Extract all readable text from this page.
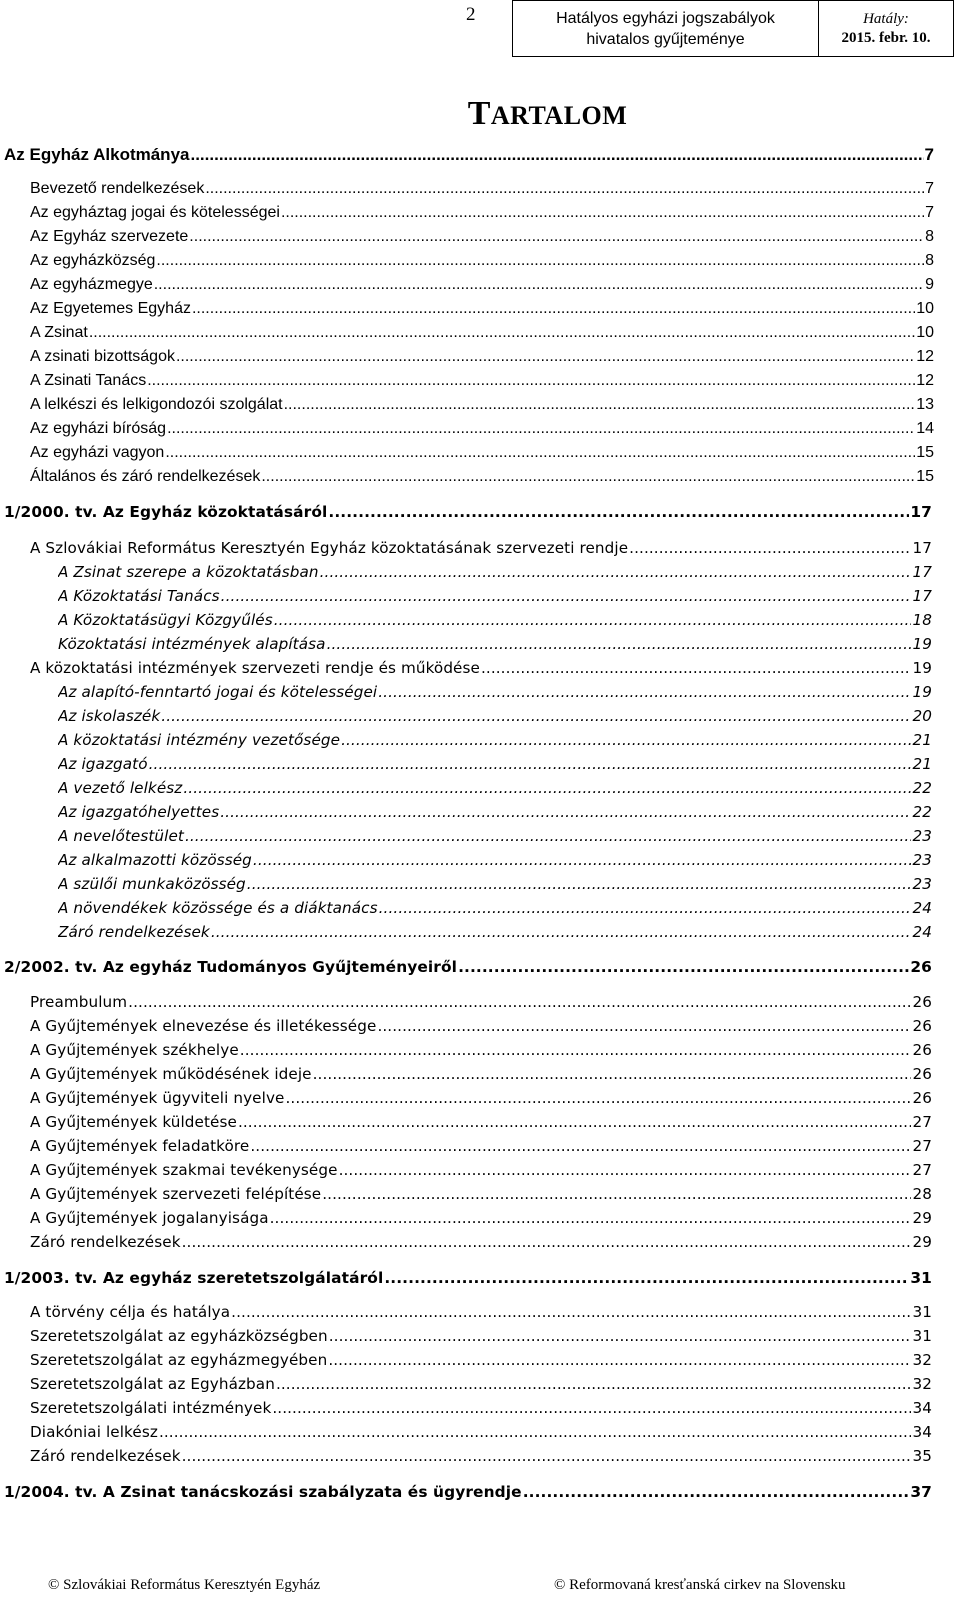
2	Hatályos egyházi jogszabályok
hivatalos gyűjteménye
Hatály:
2015. febr. 10.
TARTALOM
Az Egyház Alkotmánya .....	7
Bevezető rendelkezések .....	7
Az egyháztag jogai és kötelességei .....	7
Az Egyház szervezete .....	8
Az egyházközség .....	8
Az egyházmegye .....	9
Az Egyetemes Egyház .....	10
A Zsinat .....	10
A zsinati bizottságok .....	12
A Zsinati Tanács .....	12
A lelkészi és lelkigondozói szolgálat .....	13
Az egyházi bíróság .....	14
Az egyházi vagyon .....	15
Általános és záró rendelkezések .....	15
1/2000. tv. Az Egyház közoktatásáról .....	17
A Szlovákiai Református Keresztyén Egyház közoktatásának szervezeti rendje .....	17
A Zsinat szerepe a közoktatásban .....	17
A Közoktatási Tanács .....	17
A Közoktatásügyi Közgyűlés .....	18
Közoktatási intézmények alapítása .....	19
A közoktatási intézmények szervezeti rendje és működése .....	19
Az alapító-fenntartó jogai és kötelességei .....	19
Az iskolaszék .....	20
A közoktatási intézmény vezetősége .....	21
Az igazgató .....	21
A vezető lelkész .....	22
Az igazgatóhelyettes .....	22
A nevelőtestület .....	23
Az alkalmazotti közösség .....	23
A szülői munkaközösség .....	23
A növendékek közössége és a diáktanács .....	24
Záró rendelkezések .....	24
2/2002. tv. Az egyház Tudományos Gyűjteményeiről .....	26
Preambulum .....	26
A Gyűjtemények elnevezése és illetékessége .....	26
A Gyűjtemények székhelye .....	26
A Gyűjtemények működésének ideje .....	26
A Gyűjtemények ügyviteli nyelve .....	26
A Gyűjtemények küldetése .....	27
A Gyűjtemények feladatköre .....	27
A Gyűjtemények szakmai tevékenysége .....	27
A Gyűjtemények szervezeti felépítése .....	28
A Gyűjtemények jogalanyisága .....	29
Záró rendelkezések .....	29
1/2003. tv. Az egyház szeretetszolgálatáról .....	31
A törvény célja és hatálya .....	31
Szeretetszolgálat az egyházközségben .....	31
Szeretetszolgálat az egyházmegyében .....	32
Szeretetszolgálat az Egyházban .....	32
Szeretetszolgálati intézmények .....	34
Diakóniai lelkész .....	34
Záró rendelkezések .....	35
1/2004. tv. A Zsinat tanácskozási szabályzata és ügyrendje .....	37
© Szlovákiai Református Keresztyén Egyház	© Reformovaná kresťanská cirkev na Slovensku
